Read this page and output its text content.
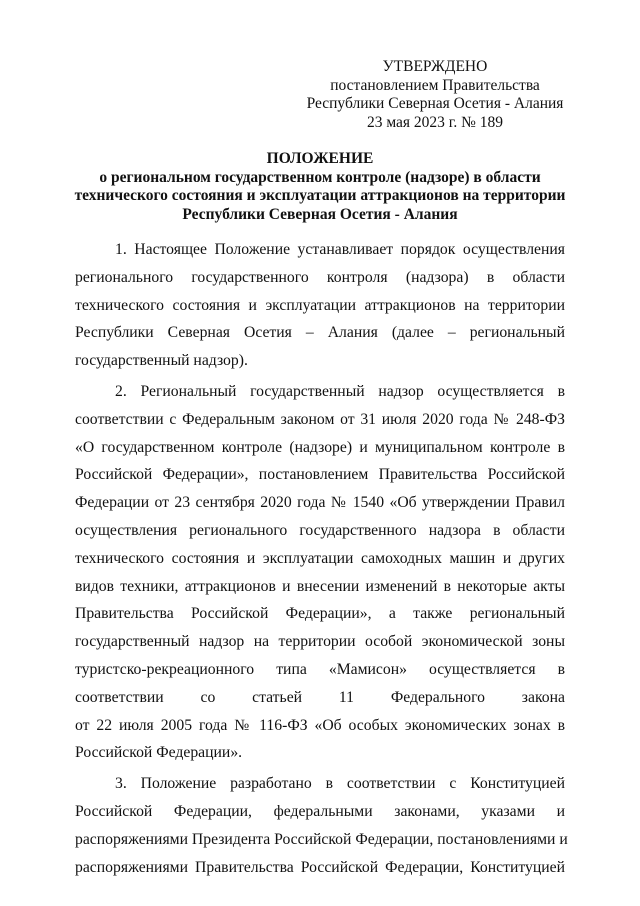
УТВЕРЖДЕНО
постановлением Правительства
Республики Северная Осетия - Алания
23 мая 2023 г. № 189
ПОЛОЖЕНИЕ
о региональном государственном контроле (надзоре) в области
технического состояния и эксплуатации аттракционов на территории
Республики Северная Осетия - Алания
1. Настоящее Положение устанавливает порядок осуществления
регионального государственного контроля (надзора) в области
технического состояния и эксплуатации аттракционов на территории
Республики Северная Осетия – Алания (далее – региональный
государственный надзор).
2. Региональный государственный надзор осуществляется в
соответствии с Федеральным законом от 31 июля 2020 года № 248-ФЗ
«О государственном контроле (надзоре) и муниципальном контроле в
Российской Федерации», постановлением Правительства Российской
Федерации от 23 сентября 2020 года № 1540 «Об утверждении Правил
осуществления регионального государственного надзора в области
технического состояния и эксплуатации самоходных машин и других
видов техники, аттракционов и внесении изменений в некоторые акты
Правительства Российской Федерации», а также региональный
государственный надзор на территории особой экономической зоны
туристско-рекреационного типа «Мамисон» осуществляется в
соответствии со статьей 11 Федерального закона
от 22 июля 2005 года № 116-ФЗ «Об особых экономических зонах в
Российской Федерации».
3. Положение разработано в соответствии с Конституцией
Российской Федерации, федеральными законами, указами и
распоряжениями Президента Российской Федерации, постановлениями и
распоряжениями Правительства Российской Федерации, Конституцией
